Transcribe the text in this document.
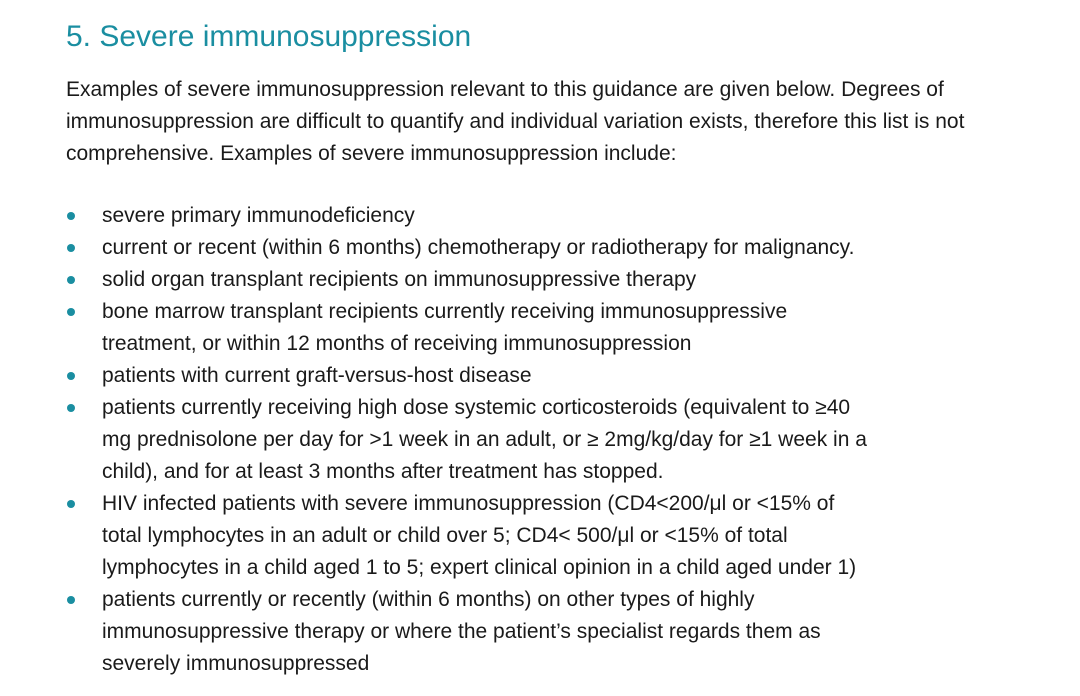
5. Severe immunosuppression

Examples of severe immunosuppression relevant to this guidance are given below. Degrees of immunosuppression are difficult to quantify and individual variation exists, therefore this list is not comprehensive. Examples of severe immunosuppression include:

severe primary immunodeficiency
current or recent (within 6 months) chemotherapy or radiotherapy for malignancy.
solid organ transplant recipients on immunosuppressive therapy
bone marrow transplant recipients currently receiving immunosuppressive
treatment, or within 12 months of receiving immunosuppression
patients with current graft-versus-host disease
patients currently receiving high dose systemic corticosteroids (equivalent to ≥40
mg prednisolone per day for >1 week in an adult, or ≥ 2mg/kg/day for ≥1 week in a
child), and for at least 3 months after treatment has stopped.
HIV infected patients with severe immunosuppression (CD4<200/μl or <15% of
total lymphocytes in an adult or child over 5; CD4< 500/μl or <15% of total
lymphocytes in a child aged 1 to 5; expert clinical opinion in a child aged under 1)
patients currently or recently (within 6 months) on other types of highly
immunosuppressive therapy or where the patient’s specialist regards them as
severely immunosuppressed
